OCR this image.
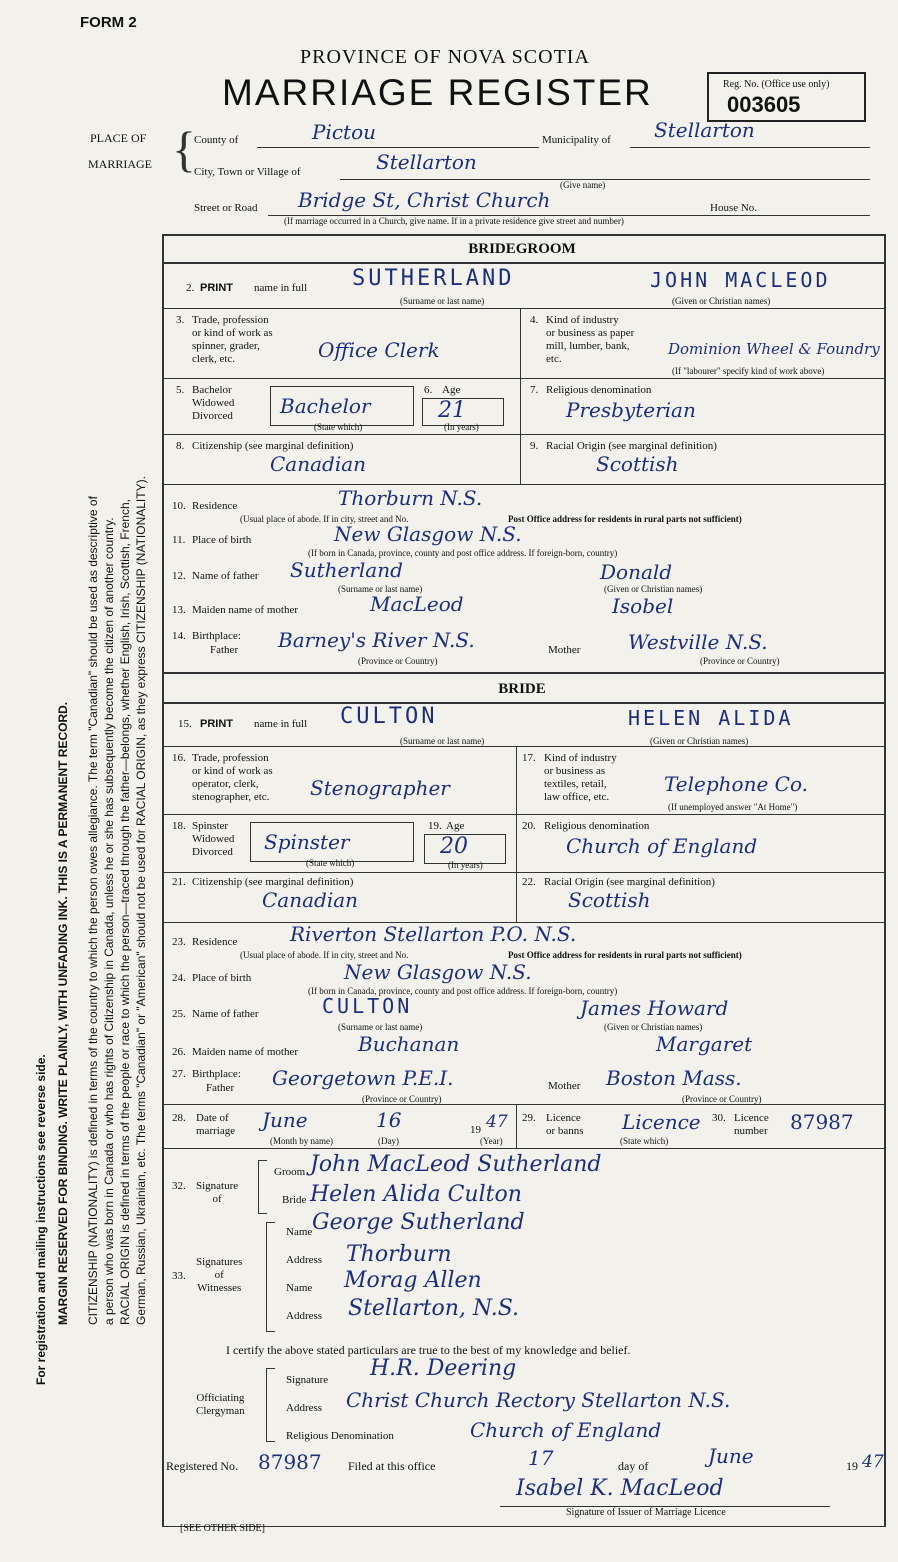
FORM 2
PROVINCE OF NOVA SCOTIA
MARRIAGE REGISTER	Reg. No. (Office use only)
003605
PLACE OF
MARRIAGE {
County of	Pictou	Municipality of Stellarton
City, Town or Village of	Stellarton
Street or Road Bridge St, Christ Church
(Give name)
House No.
(If marriage occurred in a Church, give name. If in a private residence give street and number)
For registration and mailing instructions see reverse side. MARGIN RESERVED FOR BINDING. WRITE PLAINLY, WITH UNFADING INK. THIS IS A PERMANENT RECORD. CITIZENSHIP (NATIONALITY) is defined in terms of the country to which the person owes allegiance. The term "Canadian" should be used as descriptive of a person who was born in Canada or who has rights of Citizenship in Canada, unless he or she has subsequently become the citizen of another country. RACIAL ORIGIN is defined in terms of the people or race to which the person—traced through the father—belongs, whether English, Irish, Scottish, French, German, Russian, Ukrainian, etc. The terms "Canadian" or "American" should not be used for RACIAL ORIGIN, as they express CITIZENSHIP (NATIONALITY).
BRIDEGROOM
2. PRINT name in full SUTHERLAND	JOHN MACLEOD
(Surname or last name)	(Given or Christian names)
3. Trade, profession
or kind of work as
spinner, grader,
clerk, etc.	Office Clerk
4. Kind of industry
or business as paper
mill, lumber, bank,
etc.
Dominion Wheel & Foundry
(If "labourer" specify kind of work above)
5. Bachelor
Widowed
Divorced Bachelor
(State which)
6. Age
21
(In years)
7. Religious denomination
Presbyterian
8. Citizenship (see marginal definition)
Canadian
9. Racial Origin (see marginal definition)
Scottish
10. Residence	Thorburn N.S.
(Usual place of abode. If in city, street and No.	Post Office address for residents in rural parts not sufficient)
11. Place of birth	New Glasgow N.S.
(If born in Canada, province, county and post office address. If foreign-born, country)
12. Name of father Sutherland	Donald
(Surname or last name)	(Given or Christian names)
13. Maiden name of mother	MacLeod	Isobel
14. Birthplace:
Father Barney's River N.S.	Mother Westville N.S.
(Province or Country)	(Province or Country)
BRIDE
15. PRINT name in full CULTON	HELEN ALIDA
(Surname or last name)	(Given or Christian names)
16. Trade, profession
or kind of work as
operator, clerk,
stenographer, etc. Stenographer
17. Kind of industry
or business as
textiles, retail,
law office, etc.
Telephone Co.
(If unemployed answer "At Home")
18. Spinster
Widowed
Divorced Spinster
(State which)
19. Age
20
(In years)
20. Religious denomination
Church of England
21. Citizenship (see marginal definition)
Canadian
22. Racial Origin (see marginal definition)
Scottish
23. Residence	Riverton Stellarton P.O. N.S.
(Usual place of abode. If in city, street and No.	Post Office address for residents in rural parts not sufficient)
24. Place of birth	New Glasgow N.S.
(If born in Canada, province, county and post office address. If foreign-born, country)
25. Name of father	CULTON	James Howard
(Surname or last name)	(Given or Christian names)
26. Maiden name of mother	Buchanan	Margaret
27. Birthplace:
Father Georgetown P.E.I.	Mother Boston Mass.
(Province or Country)	(Province or Country)
28. Date of
marriage June	16	19 47
(Month by name)	(Day)	(Year)
29. Licence
or banns Licence
(State which)
30. Licence
number 87987
32. Signature
of
Groom John MacLeod Sutherland
Bride Helen Alida Culton
33.
Signatures
of
Witnesses
Name George Sutherland
Address Thorburn
Name Morag Allen
Address Stellarton, N.S.
I certify the above stated particulars are true to the best of my knowledge and belief.
Officiating
Clergyman
Signature H.R. Deering
Address Christ Church Rectory Stellarton N.S.
Religious Denomination	Church of England
Registered No. 87987 Filed at this office	17	day of	June	19 47
Isabel K. MacLeod
Signature of Issuer of Marriage Licence
[SEE OTHER SIDE]
